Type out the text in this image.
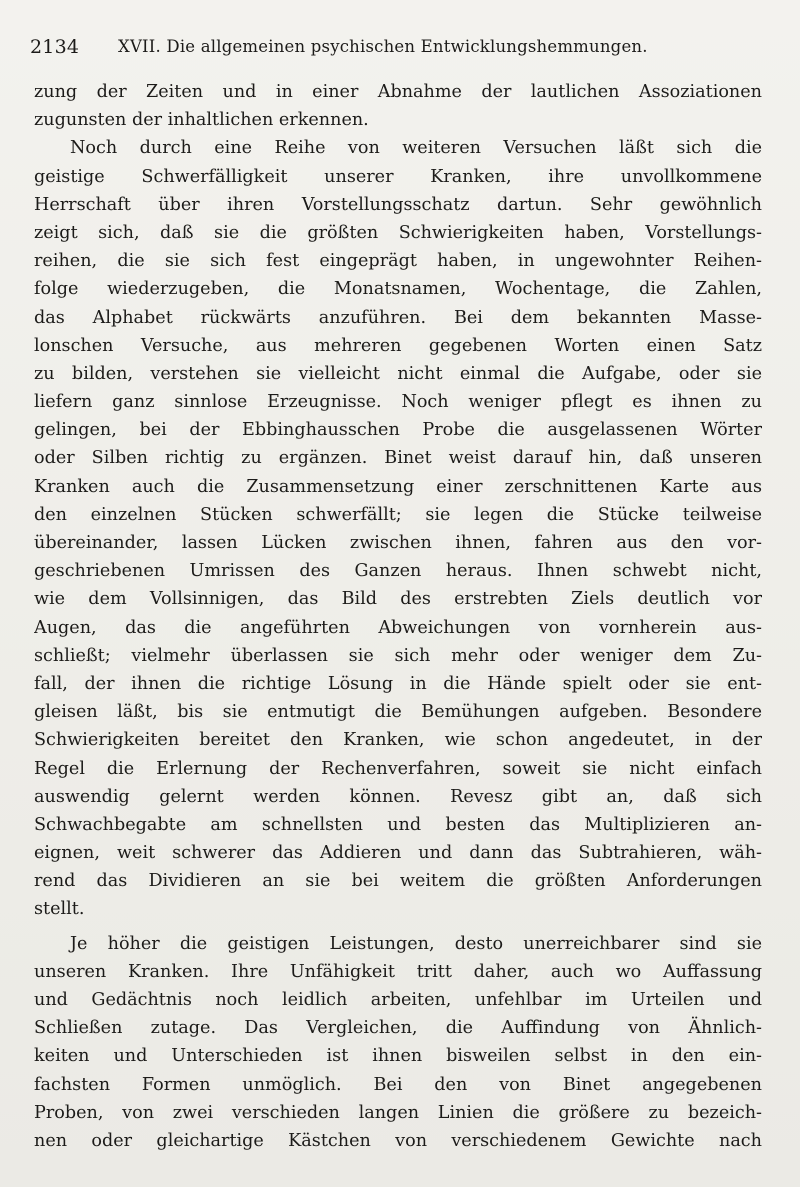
2134 XVII. Die allgemeinen psychischen Entwicklungshemmungen.
zung der Zeiten und in einer Abnahme der lautlichen Assoziationen
zugunsten der inhaltlichen erkennen.
Noch durch eine Reihe von weiteren Versuchen läßt sich die
geistige Schwerfälligkeit unserer Kranken, ihre unvollkommene
Herrschaft über ihren Vorstellungsschatz dartun. Sehr gewöhnlich
zeigt sich, daß sie die größten Schwierigkeiten haben, Vorstellungs-
reihen, die sie sich fest eingeprägt haben, in ungewohnter Reihen-
folge wiederzugeben, die Monatsnamen, Wochentage, die Zahlen,
das Alphabet rückwärts anzuführen. Bei dem bekannten Masse-
lonschen Versuche, aus mehreren gegebenen Worten einen Satz
zu bilden, verstehen sie vielleicht nicht einmal die Aufgabe, oder sie
liefern ganz sinnlose Erzeugnisse. Noch weniger pflegt es ihnen zu
gelingen, bei der Ebbinghausschen Probe die ausgelassenen Wörter
oder Silben richtig zu ergänzen. Binet weist darauf hin, daß unseren
Kranken auch die Zusammensetzung einer zerschnittenen Karte aus
den einzelnen Stücken schwerfällt; sie legen die Stücke teilweise
übereinander, lassen Lücken zwischen ihnen, fahren aus den vor-
geschriebenen Umrissen des Ganzen heraus. Ihnen schwebt nicht,
wie dem Vollsinnigen, das Bild des erstrebten Ziels deutlich vor
Augen, das die angeführten Abweichungen von vornherein aus-
schließt; vielmehr überlassen sie sich mehr oder weniger dem Zu-
fall, der ihnen die richtige Lösung in die Hände spielt oder sie ent-
gleisen läßt, bis sie entmutigt die Bemühungen aufgeben. Besondere
Schwierigkeiten bereitet den Kranken, wie schon angedeutet, in der
Regel die Erlernung der Rechenverfahren, soweit sie nicht einfach
auswendig gelernt werden können. Revesz gibt an, daß sich
Schwachbegabte am schnellsten und besten das Multiplizieren an-
eignen, weit schwerer das Addieren und dann das Subtrahieren, wäh-
rend das Dividieren an sie bei weitem die größten Anforderungen
stellt.
Je höher die geistigen Leistungen, desto unerreichbarer sind sie
unseren Kranken. Ihre Unfähigkeit tritt daher, auch wo Auffassung
und Gedächtnis noch leidlich arbeiten, unfehlbar im Urteilen und
Schließen zutage. Das Vergleichen, die Auffindung von Ähnlich-
keiten und Unterschieden ist ihnen bisweilen selbst in den ein-
fachsten Formen unmöglich. Bei den von Binet angegebenen
Proben, von zwei verschieden langen Linien die größere zu bezeich-
nen oder gleichartige Kästchen von verschiedenem Gewichte nach
